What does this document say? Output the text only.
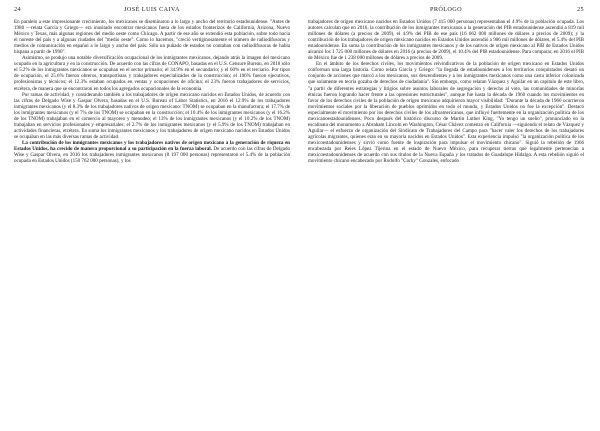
24	JOSÉ LUIS CAIVA

En paralelo a este impresionante crecimiento, los mexicanos se diseminaron a lo largo y ancho del territorio estadounidense. "Antes de 1980 —relata García y Griego— era inusitado encontrar mexicanos fuera de los estados fronterizos de California, Arizona, Nuevo México y Texas, más algunas regiones del medio oeste como Chicago. A partir de ese año se extendió esta población, sobre todo hacia el noreste del país y a algunas ciudades del "medio oeste". Como lo hacemos, "creció vertiginosamente el número de radiodifusoras y medios de comunicación en español a lo largo y ancho del país. Sólo un puñado de estados no contaban con radiodifusoras de habla hispana a partir de 1990".

Asimismo, se produjo una notable diversificación ocupacional de los inmigrantes mexicanos, dejando atrás la imagen del mexicano ocupado en la agricultura y en la construcción. De acuerdo con las cifras de CONAPO, basadas en el U.S. Censure Bureau, en 2018 sólo el 5.2% de los inmigrantes mexicanos se ocupaban en el sector primario; el 34.9% en el secundario; y el 60% en el terciario. Por tipos de ocupación, el 25.6% fueron obreros, transportistas y trabajadores especializados de la construcción; el 106% fueron ejecutivos, profesionistas y técnicos; el 12.3% estaban ocupados en ventas y ocupaciones de oficina; el 23% fueron trabajadores de servicios, etcétera, de manera que se encontraron en todos los agregados ocupacionales de la economía.

Por ramas de actividad, y considerando también a los trabajadores de origen mexicano nacidos en Estados Unidos, de acuerdo con las cifras de Delgado Wise y Gaspar Olvera, basadas en el U.S. Bureau of Labor Statistics, en 2016 el 12.9% de los trabajadores inmigrantes mexicanos (y el 8.3% de los trabajadores nativos de origen mexicano: TNOM) se ocupaban en la manufactura; el 17.7% de los inmigrantes mexicanos (y el 7% de los TNOM) se ocupaban en la construcción; el 10.4% de los inmigrantes mexicanos (y el 16.2% de los TNOM) trabajaban en el comercio al mayoreo y menudeo; el 13% de los inmigrantes mexicanos (y el 10.2% de los TNOM) trabajaban en servicios profesionales y empresariales; el 2.7% de los inmigrantes mexicanos (y el 5.9% de los TNOM) trabajaban en actividades financieras, etcétera. En suma los inmigrantes mexicanos y los trabajadores de origen mexicano nacidos en Estados Unidos se ocupaban en las más diversas ramas de actividad.

La contribución de los inmigrantes mexicanos y los trabajadores nativos de origen mexicano a la generación de riqueza en Estados Unidos, ha crecido de manera proporcional a su participación en la fuerza laboral. De acuerdo con las cifras de Delgado Wise y Gaspar Olvera, en 2016 los trabajadores inmigrantes mexicanos (8 197 000 personas) representaron el 5.4% de la población ocupada en Estados Unidos (150 762 000 personas), y los

PRÓLOGO	25

trabajadores de origen mexicano nacidos en Estados Unidos (7 415 000 personas) representaban el 4.9% de la población ocupada. Los autores calculan que en 2016, la contribución de los inmigrantes mexicanos a la generación del PIB estadounidense ascendió a 819 mil millones de dólares (a precios de 2009), el 4.9% del PIB de ese país (16 662 000 millones de dólares a precios de 2009); y la contribución de los trabajadores de origen mexicano nacidos en Estados Unidos ascendió a 906 mil millones de dólares, el 5.4% del PIB estadounidense. En suma la contribución de los inmigrantes mexicanos y de los nativos de origen mexicano al PIB de Estados Unidos alcanzó los 1 725 000 millones de dólares en 2016 (a precios de 2009), el 10.4% del PIB estadounidense. Para comparar, en 2016 el PIB de México fue de 1 238 000 millones de dólares a precios de 2009.

En el ámbito de los derechos civiles, los movimientos reivindicativos de la población de origen mexicano en Estados Unidos conforman una larga historia. Como relata García y Griego: "la llegada de estadounidenses a los territorios conquistados desató un conjunto de acciones que marcó a los mexicanos, sus descendientes y a los inmigrantes mexicanos como una casta inferior colonizada que solamente en teoría gozaba de derechos de ciudadanía". Sin embargo, como relatan Vázquez y Aguilar en un capítulo de este libro, "a partir de diferentes estrategias y litigios sobre asuntos laborales de segregación y derecho al voto, las comunidades de minorías étnicas fueron logrando hacer frente a las opresiones estructurales", aunque fue hasta la década de 1960 cuando los movimientos en favor de los derechos civiles de la población de origen mexicano adquirieron mayor visibilidad: "Durante la década de 1960 ocurrieron movimientos sociales por la liberación de pueblos oprimidos en todo el mundo, y Estados Unidos no fue la excepción". Destacó especialmente el movimiento por los derechos civiles de los afroamericanos, que influyó fuertemente en la organización política de los mexicanoestadounidenses. Poco después del histórico discurso de Martin Luther King, "Yo tengo un sueño", pronunciado en la escalinata del monumento a Abraham Lincoln en Washington, César Chávez comenzó en California —siguiendo el relato de Vázquez y Aguilar— el esfuerzo de organización del Sindicato de Trabajadores del Campo para "hacer valer los derechos de los trabajadores agrícolas migrantes, quienes eran en su mayoría nacidos en Estados Unidos". Esta experiencia impulsó "la organización política de los mexicoestadounidenses y sirvió como fuente de inspiración para impulsar el movimiento chicano". Siguió la rebelión de 1966 encabezada por Reies López Tijerina en el estado de Nuevo México, para recuperar tierras que legalmente pertenecían a mexicoestadounidenses de acuerdo con sus títulos de la Nueva España y los tratados de Guadalupe Hidalgo. A esta rebelión siguió el movimiento chicano encabezado por Rodolfo "Corky" Gonzales, enfocado
